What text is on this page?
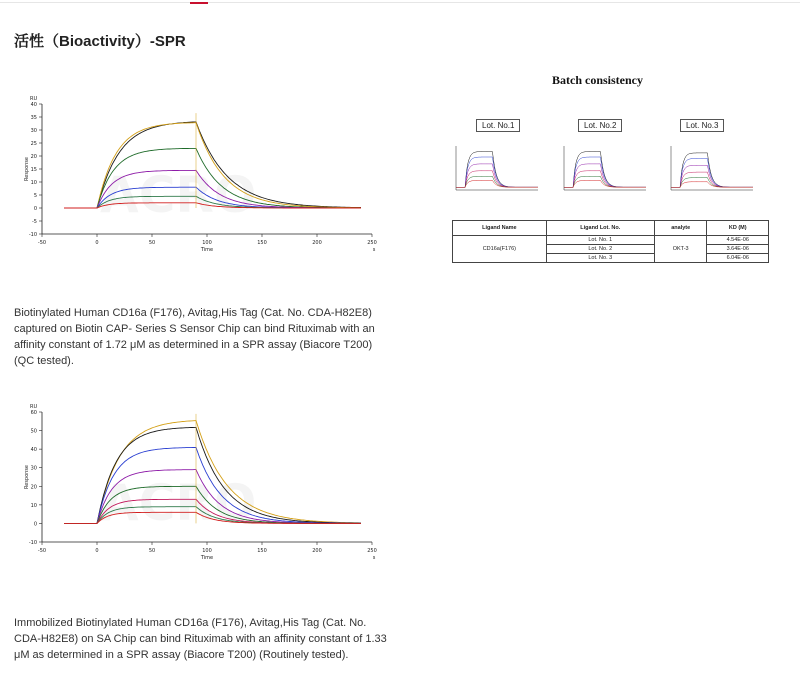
活性（Bioactivity）-SPR
-10
-5
0
5
10
15
20
25
30
35
40
-50	0	50	100	150	200	250
RU
Response
Time	s
Biotinylated Human CD16a (F176), Avitag,His Tag (Cat. No. CDA-H82E8) captured on Biotin CAP- Series S Sensor Chip can bind Rituximab with an affinity constant of 1.72 μM as determined in a SPR assay (Biacore T200) (QC tested).
-10
0
10
20
30
40
50
60
-50	0	50	100	150	200	250
RU
Response
Time	s
Immobilized Biotinylated Human CD16a (F176), Avitag,His Tag (Cat. No. CDA-H82E8) on SA Chip can bind Rituximab with an affinity constant of 1.33 μM as determined in a SPR assay (Biacore T200) (Routinely tested).
Batch consistency
Lot. No.1	Lot. No.2	Lot. No.3
Ligand Name	Ligand Lot. No.	analyte	KD (M)
CD16a(F176)	Lot. No. 1	OKT-3	4.54E-06
	Lot. No. 2		3.64E-06
	Lot. No. 3		6.04E-06
